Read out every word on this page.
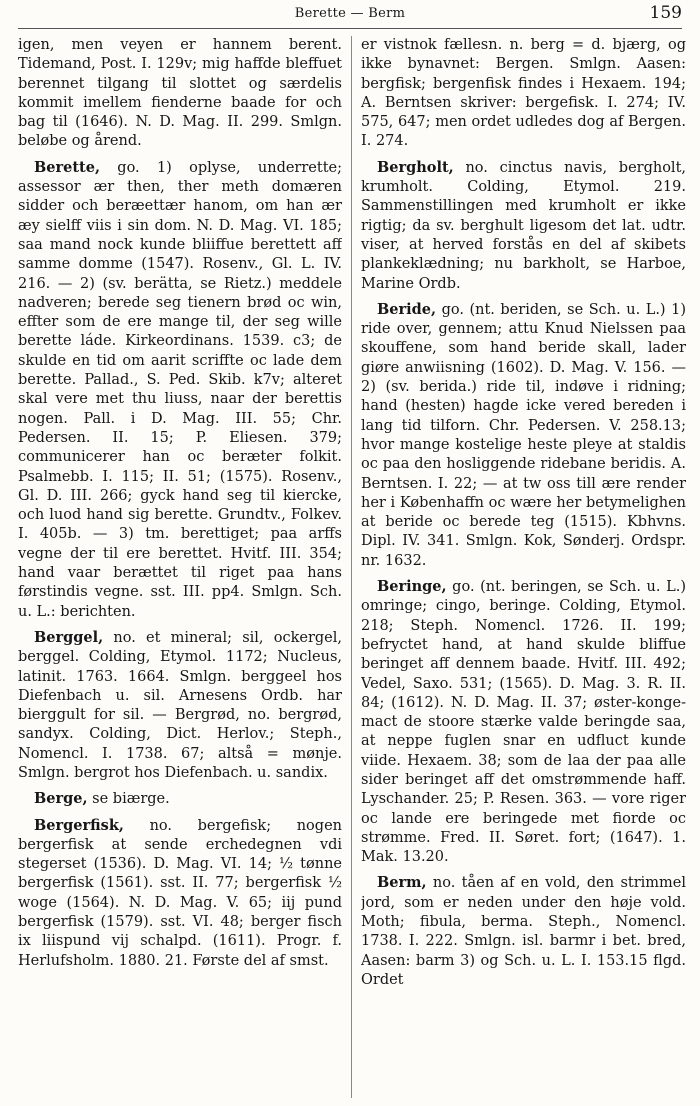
Berette — Berm	159

igen, men veyen er hannem berent. Tidemand, Post. I. 129v; mig haffde bleffuet berennet tilgang til slottet og særdelis kommit imellem fienderne baade for och bag til (1646). N. D. Mag. II. 299. Smlgn. beløbe og årend.

Berette, go. 1) oplyse, underrette; assessor ær then, ther meth domæren sidder och beræettær hanom, om han ær æy sielff viis i sin dom. N. D. Mag. VI. 185; saa mand nock kunde bliiffue berettett aff samme domme (1547). Rosenv., Gl. L. IV. 216. — 2) (sv. berätta, se Rietz.) meddele nadveren; berede seg tienern brød oc win, effter som de ere mange til, der seg wille berette láde. Kirkeordinans. 1539. c3; de skulde en tid om aarit scriffte oc lade dem berette. Pallad., S. Ped. Skib. k7v; alteret skal vere met thu liuss, naar der berettis nogen. Pall. i D. Mag. III. 55; Chr. Pedersen. II. 15; P. Eliesen. 379; communicerer han oc beræter folkit. Psalmebb. I. 115; II. 51; (1575). Rosenv., Gl. D. III. 266; gyck hand seg til kiercke, och luod hand sig berette. Grundtv., Folkev. I. 405b. — 3) tm. berettiget; paa arffs vegne der til ere berettet. Hvitf. III. 354; hand vaar berættet til riget paa hans førstindis vegne. sst. III. pp4. Smlgn. Sch. u. L.: berichten.

Berggel, no. et mineral; sil, ockergel, berggel. Colding, Etymol. 1172; Nucleus, latinit. 1763. 1664. Smlgn. berggeel hos Diefenbach u. sil. Arnesens Ordb. har bierggult for sil. — Bergrød, no. bergrød, sandyx. Colding, Dict. Herlov.; Steph., Nomencl. I. 1738. 67; altså = mønje. Smlgn. bergrot hos Diefenbach. u. sandix.

Berge, se biærge.

Bergerfisk, no. bergefisk; nogen bergerfisk at sende erchedegnen vdi stegerset (1536). D. Mag. VI. 14; ½ tønne bergerfisk (1561). sst. II. 77; bergerfisk ½ woge (1564). N. D. Mag. V. 65; iij pund bergerfisk (1579). sst. VI. 48; berger fisch ix liispund vij schalpd. (1611). Progr. f. Herlufsholm. 1880. 21. Første del af smst.

er vistnok fællesn. n. berg = d. bjærg, og ikke bynavnet: Bergen. Smlgn. Aasen: bergfisk; bergenfisk findes i Hexaem. 194; A. Berntsen skriver: bergefisk. I. 274; IV. 575, 647; men ordet udledes dog af Bergen. I. 274.

Bergholt, no. cinctus navis, bergholt, krumholt. Colding, Etymol. 219. Sammenstillingen med krumholt er ikke rigtig; da sv. berghult ligesom det lat. udtr. viser, at herved forstås en del af skibets plankeklædning; nu barkholt, se Harboe, Marine Ordb.

Beride, go. (nt. beriden, se Sch. u. L.) 1) ride over, gennem; attu Knud Nielssen paa skouffene, som hand beride skall, lader giøre anwiisning (1602). D. Mag. V. 156. — 2) (sv. berida.) ride til, indøve i ridning; hand (hesten) hagde icke vered bereden i lang tid tilforn. Chr. Pedersen. V. 258.13; hvor mange kostelige heste pleye at staldis oc paa den hosliggende ridebane beridis. A. Berntsen. I. 22; — at tw oss till ære render her i Københaffn oc wære her betymelighen at beride oc berede teg (1515). Kbhvns. Dipl. IV. 341. Smlgn. Kok, Sønderj. Ordspr. nr. 1632.

Beringe, go. (nt. beringen, se Sch. u. L.) omringe; cingo, beringe. Colding, Etymol. 218; Steph. Nomencl. 1726. II. 199; befryctet hand, at hand skulde bliffue beringet aff dennem baade. Hvitf. III. 492; Vedel, Saxo. 531; (1565). D. Mag. 3. R. II. 84; (1612). N. D. Mag. II. 37; øster-konge-mact de stoore stærke valde beringde saa, at neppe fuglen snar en udfluct kunde viide. Hexaem. 38; som de laa der paa alle sider beringet aff det omstrømmende haff. Lyschander. 25; P. Resen. 363. — vore riger oc lande ere beringede met fiorde oc strømme. Fred. II. Søret. fort; (1647). 1. Mak. 13.20.

Berm, no. tåen af en vold, den strimmel jord, som er neden under den høje vold. Moth; fibula, berma. Steph., Nomencl. 1738. I. 222. Smlgn. isl. barmr i bet. bred, Aasen: barm 3) og Sch. u. L. I. 153.15 flgd. Ordet
